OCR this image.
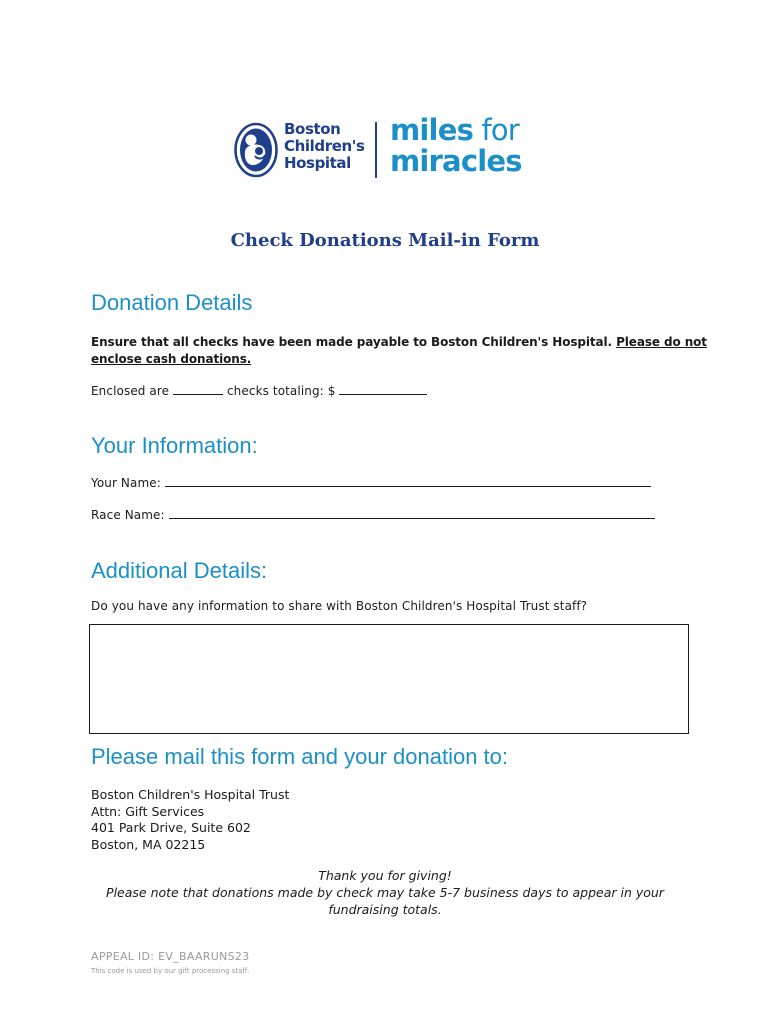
Boston
Children's
Hospital
miles for
miracles
Check Donations Mail-in Form
Donation Details
Ensure that all checks have been made payable to Boston Children's Hospital. Please do not
enclose cash donations.
Enclosed are	checks totaling: $
Your Information:
Your Name:
Race Name:
Additional Details:
Do you have any information to share with Boston Children's Hospital Trust staff?
Please mail this form and your donation to:
Boston Children's Hospital Trust
Attn: Gift Services
401 Park Drive, Suite 602
Boston, MA 02215
Thank you for giving!
Please note that donations made by check may take 5-7 business days to appear in your
fundraising totals.
APPEAL ID: EV_BAARUNS23
This code is used by our gift processing staff.
